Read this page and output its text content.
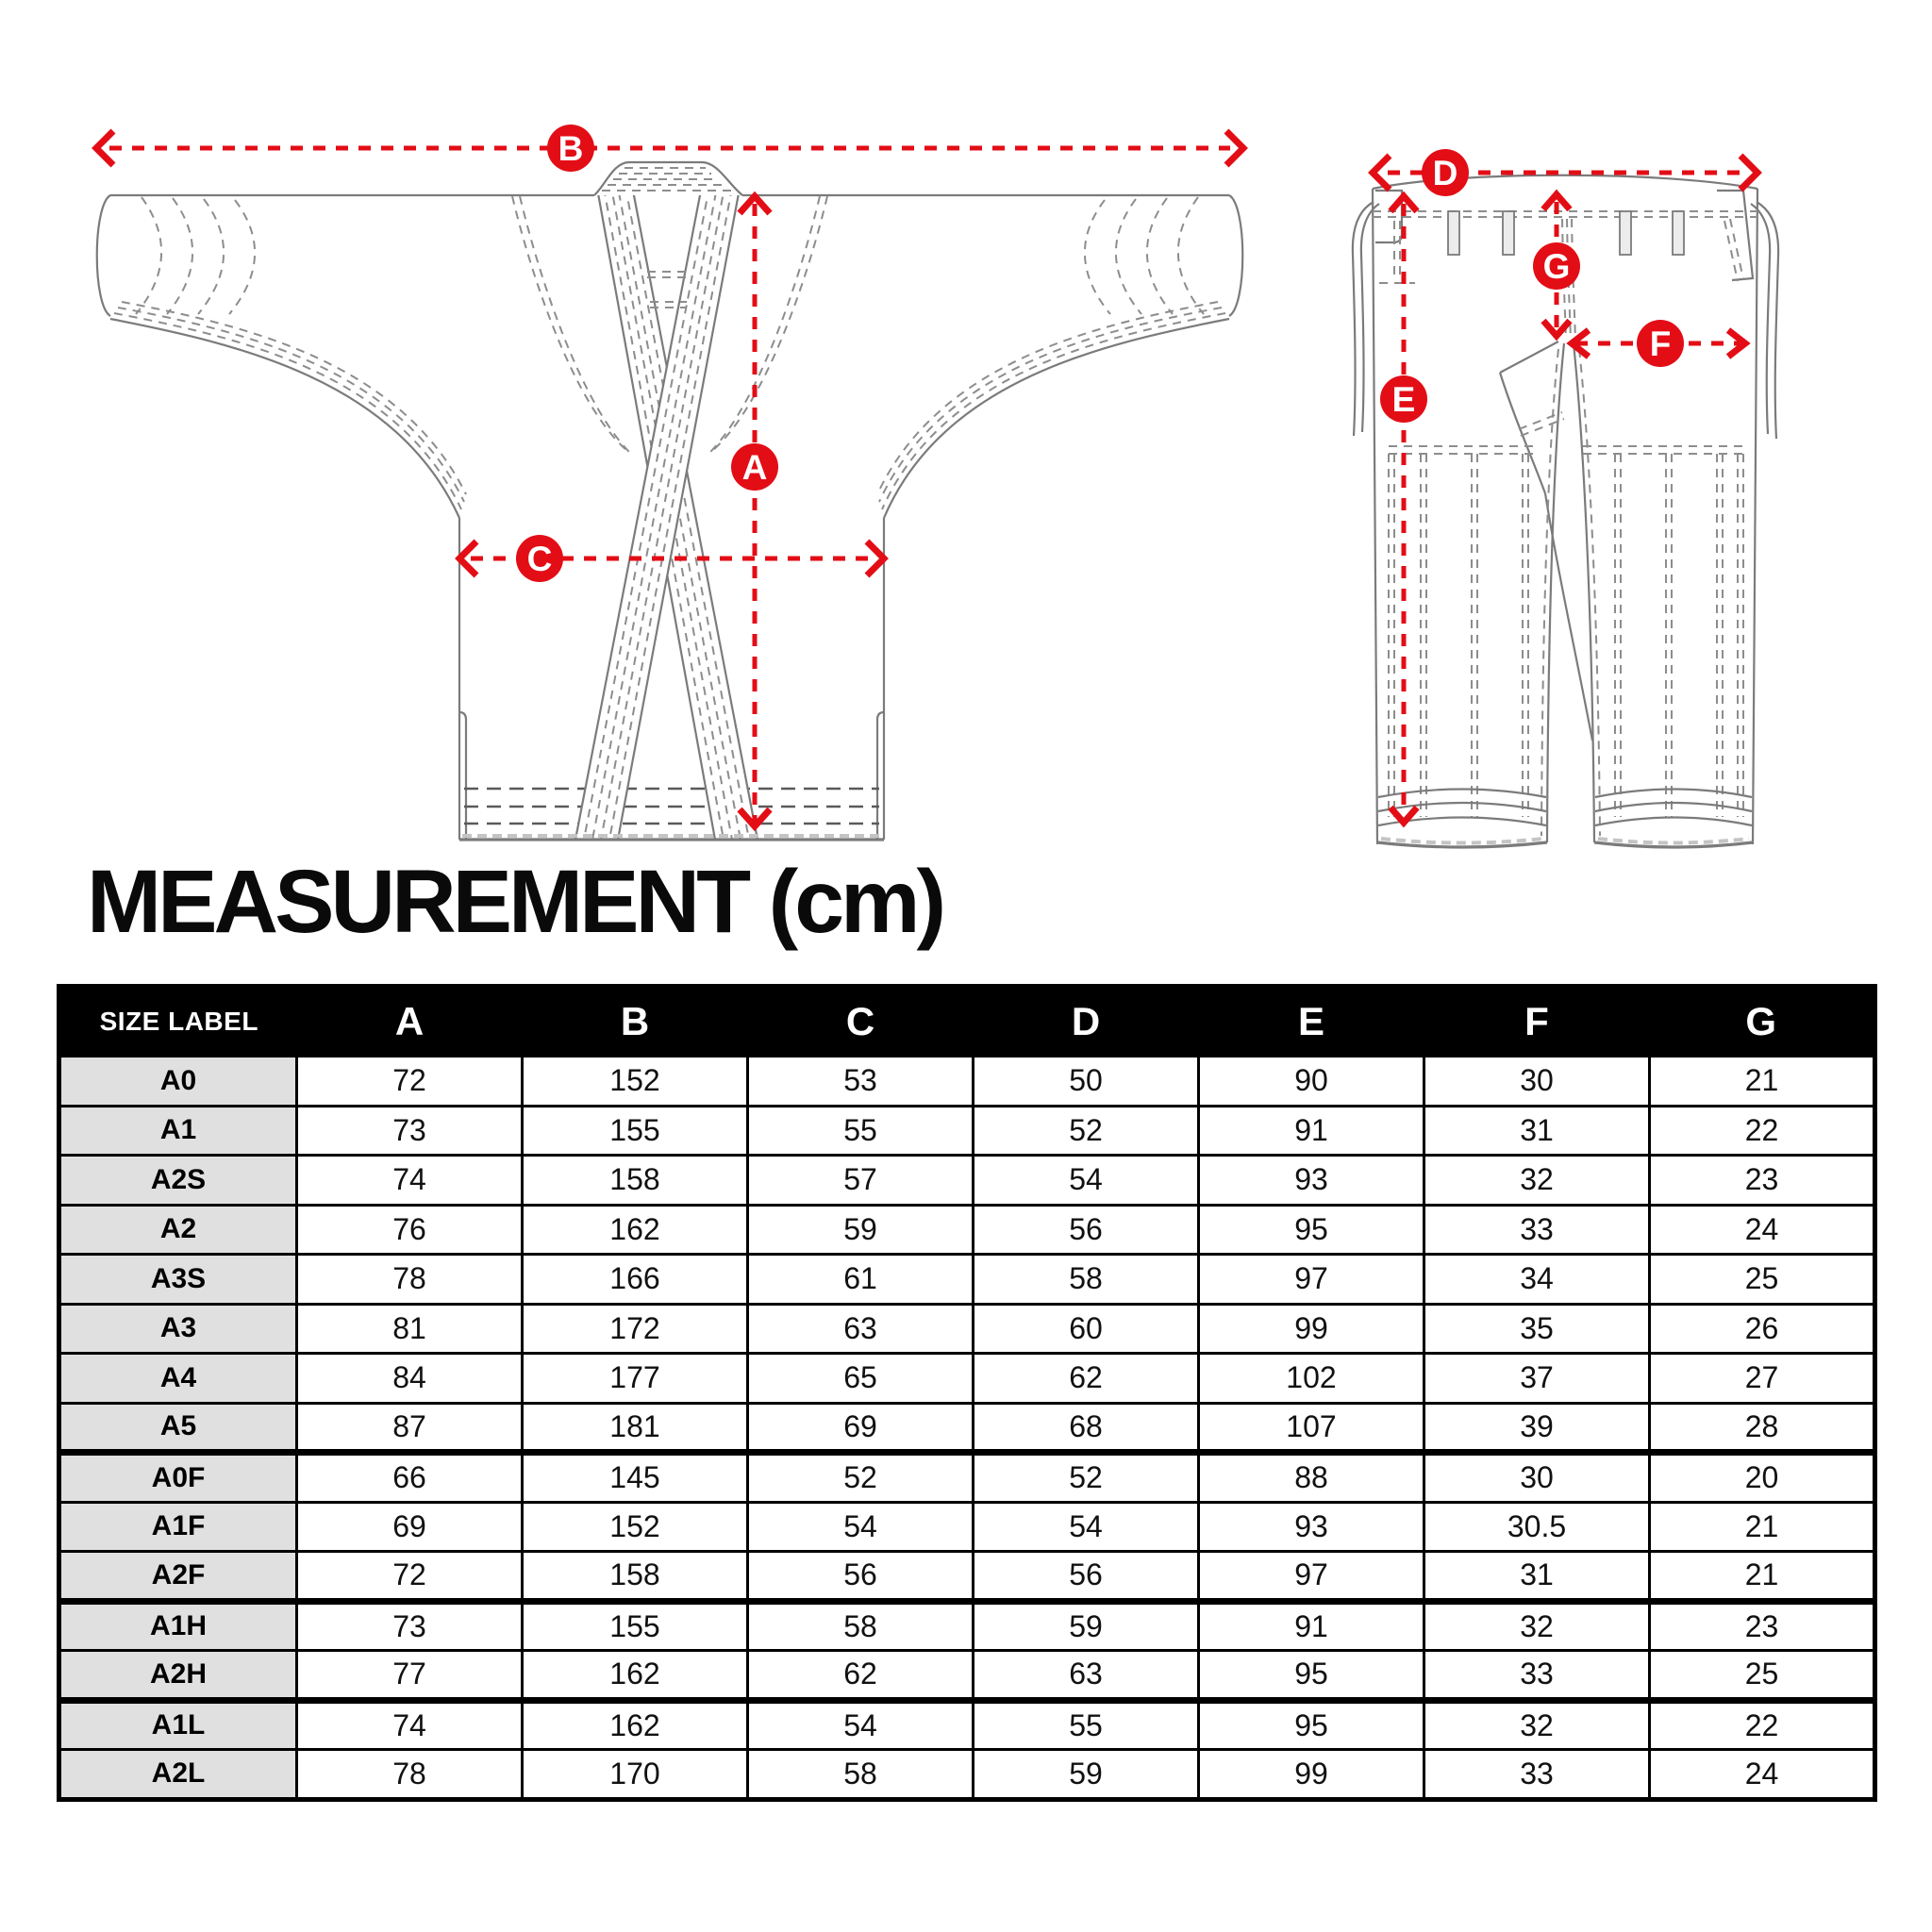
B
A
C
D
G
F
E
MEASUREMENT (cm)
SIZE LABEL	A	B	C	D	E	F	G
A0	72	152	53	50	90	30	21
A1	73	155	55	52	91	31	22
A2S	74	158	57	54	93	32	23
A2	76	162	59	56	95	33	24
A3S	78	166	61	58	97	34	25
A3	81	172	63	60	99	35	26
A4	84	177	65	62	102	37	27
A5	87	181	69	68	107	39	28
A0F	66	145	52	52	88	30	20
A1F	69	152	54	54	93	30.5	21
A2F	72	158	56	56	97	31	21
A1H	73	155	58	59	91	32	23
A2H	77	162	62	63	95	33	25
A1L	74	162	54	55	95	32	22
A2L	78	170	58	59	99	33	24
